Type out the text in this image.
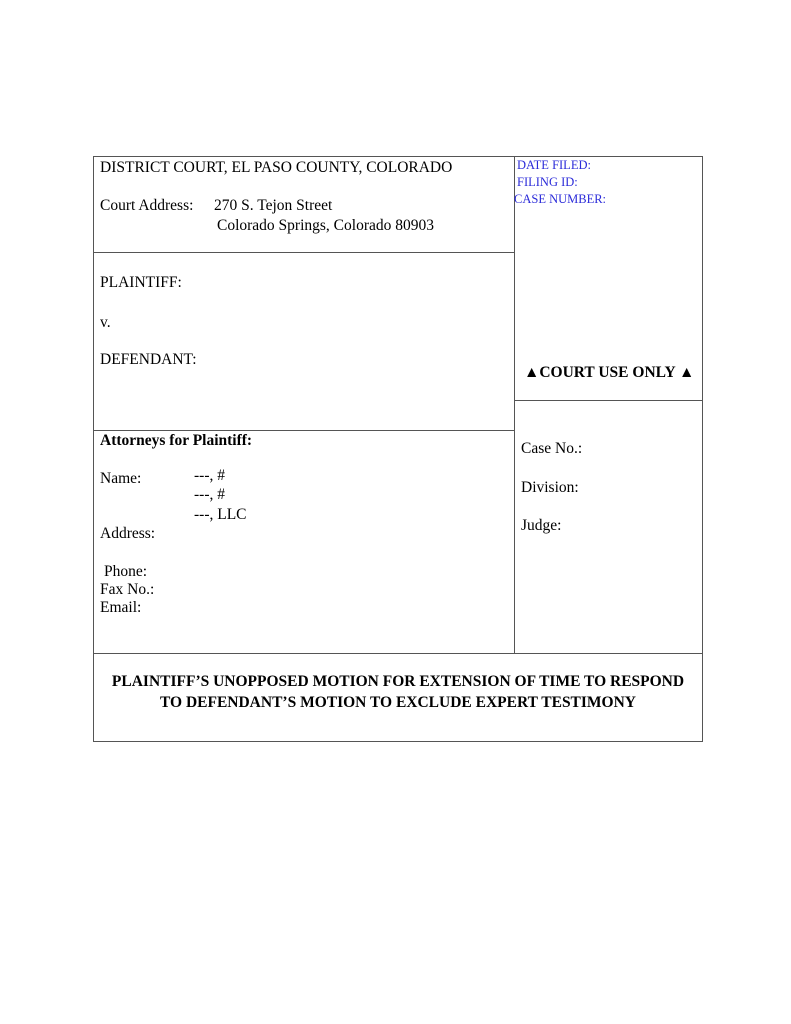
DISTRICT COURT, EL PASO COUNTY, COLORADO
Court Address: 270 S. Tejon Street
Colorado Springs, Colorado 80903
PLAINTIFF:
v.
DEFENDANT:
DATE FILED:
FILING ID:
CASE NUMBER:
▲COURT USE ONLY ▲
Attorneys for Plaintiff:
Name:	---, #
---, #
---, LLC
Address:
Phone:
Fax No.:
Email:
Case No.:
Division:
Judge:
PLAINTIFF’S UNOPPOSED MOTION FOR EXTENSION OF TIME TO RESPOND
TO DEFENDANT’S MOTION TO EXCLUDE EXPERT TESTIMONY
